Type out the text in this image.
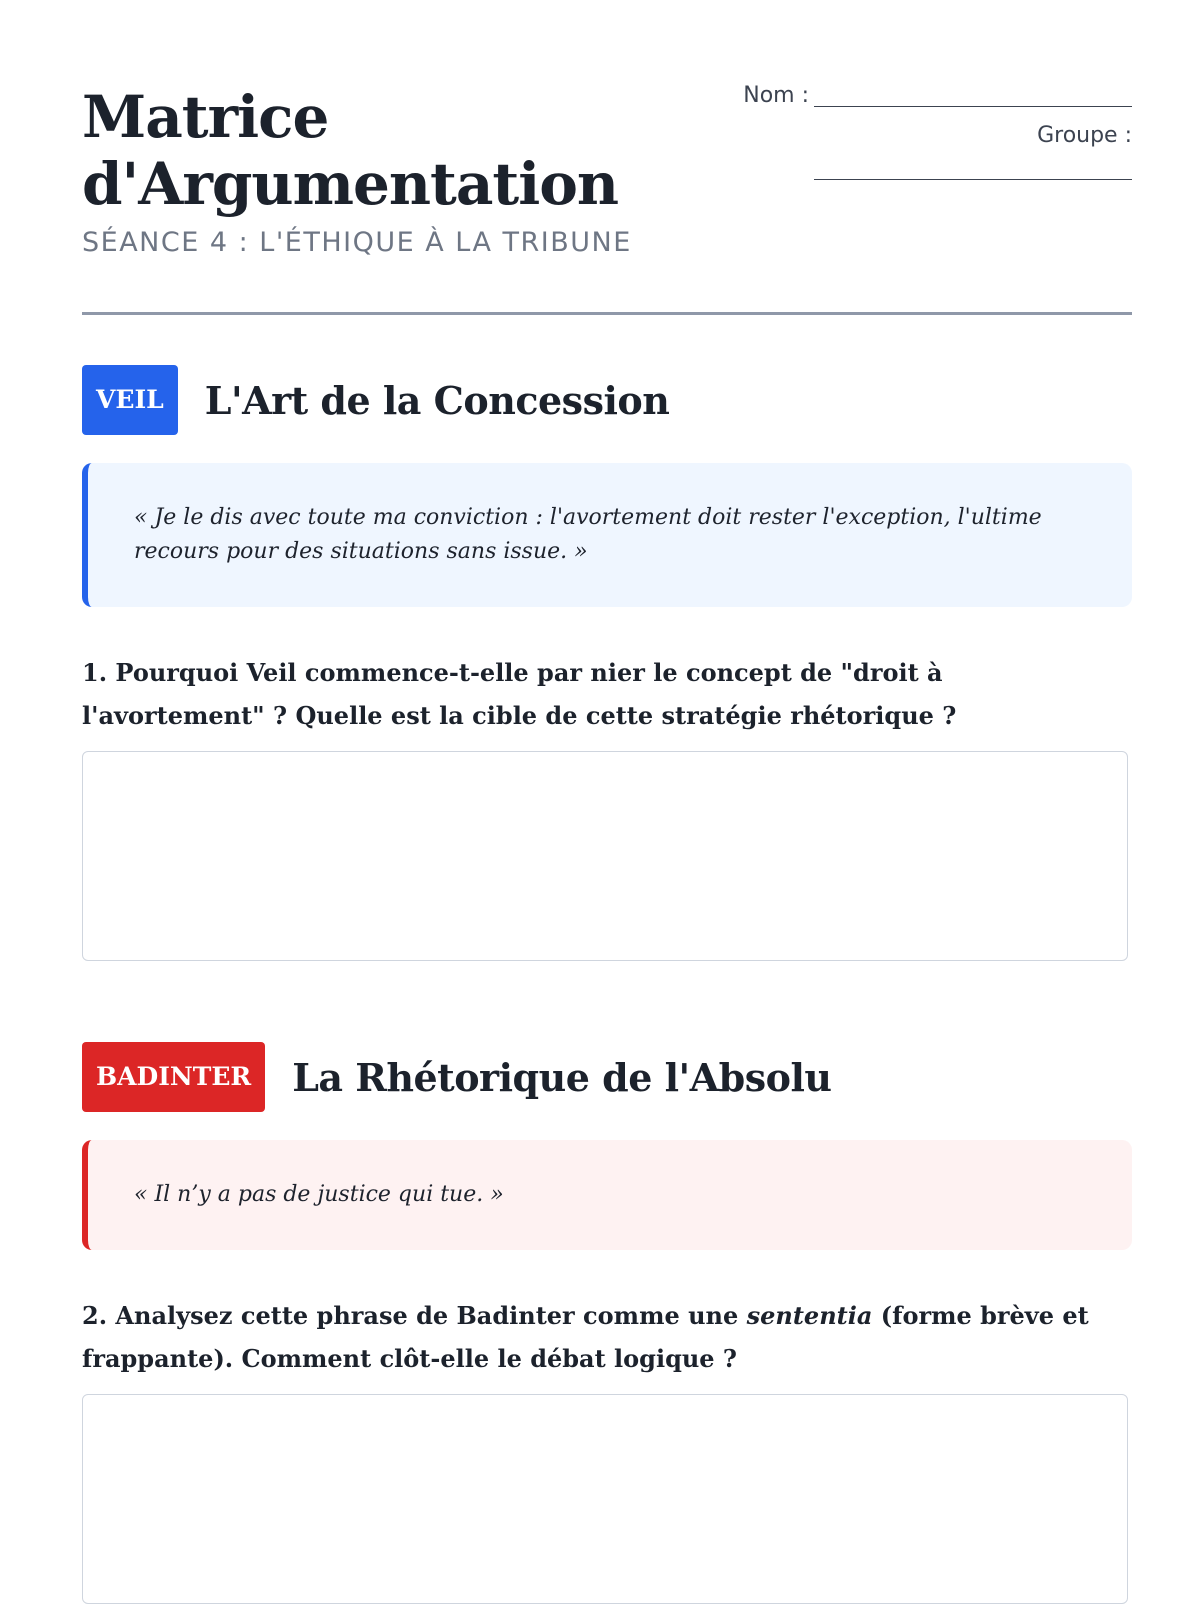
Matrice
d'Argumentation
SÉANCE 4 : L'ÉTHIQUE À LA TRIBUNE
Nom :
Groupe :
VEIL	L'Art de la Concession
« Je le dis avec toute ma conviction : l'avortement doit rester l'exception, l'ultime recours pour des situations sans issue. »

1. Pourquoi Veil commence-t-elle par nier le concept de "droit à l'avortement" ? Quelle est la cible de cette stratégie rhétorique ?

BADINTER	La Rhétorique de l'Absolu
« Il n’y a pas de justice qui tue. »

2. Analysez cette phrase de Badinter comme une sententia (forme brève et frappante). Comment clôt-elle le débat logique ?
